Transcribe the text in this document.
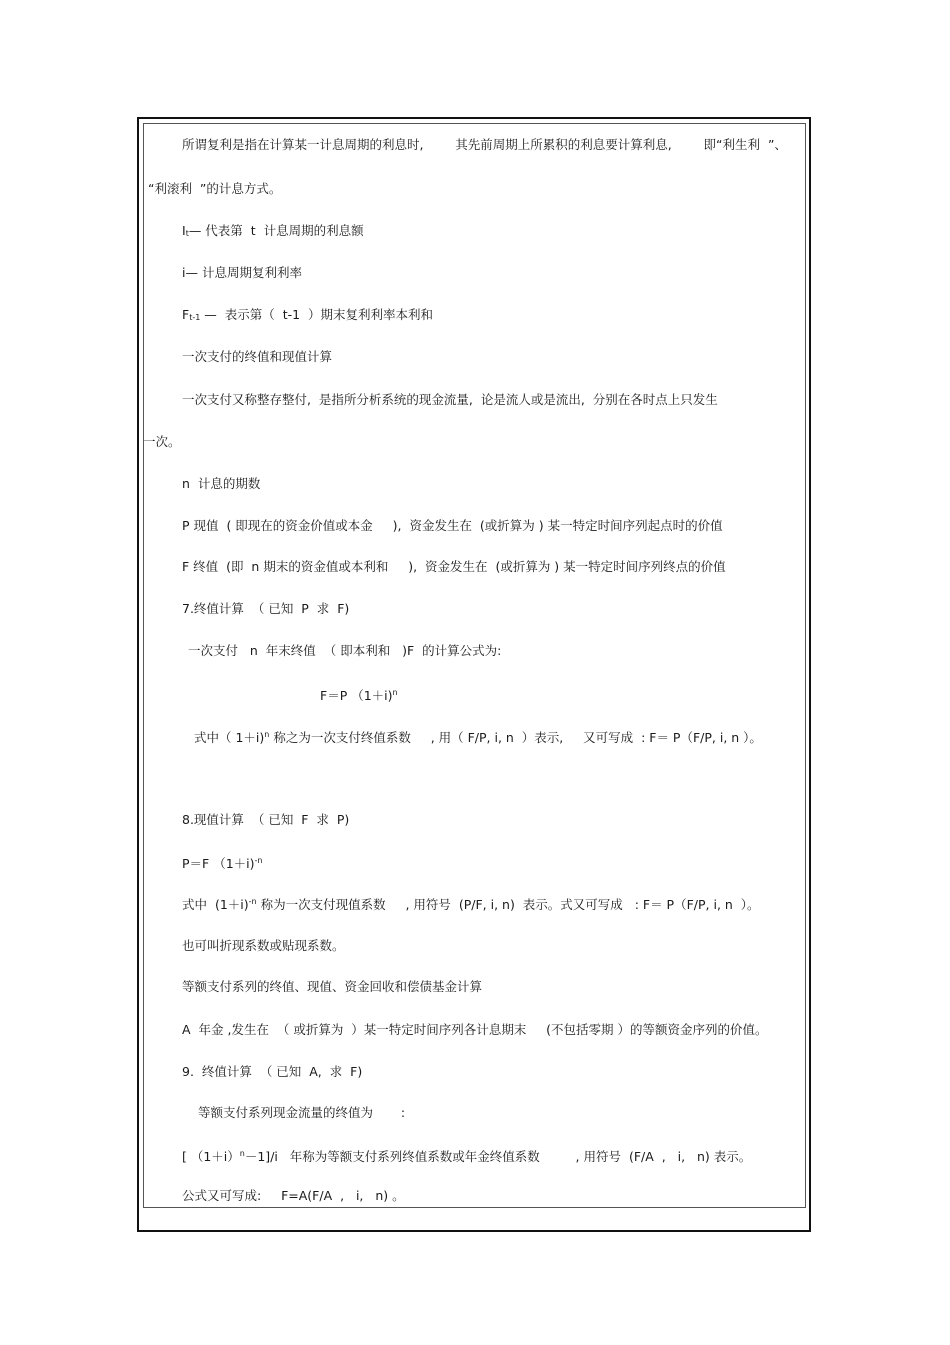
所谓复利是指在计算某一计息周期的利息时,        其先前周期上所累积的利息要计算利息,        即“利生利  ”、
“利滚利  ”的计息方式。
$I_t—$ 代表第  t  计息周期的利息额
i— 计息周期复利利率
$F_{t-1}$ —  表示第（  t-1  ）期末复利利率本利和
一次支付的终值和现值计算
一次支付又称整存整付,  是指所分析系统的现金流量,  论是流人或是流出,  分别在各时点上只发生
一次。
n  计息的期数
P 现值  ( 即现在的资金价值或本金     ),  资金发生在  (或折算为 ) 某一特定时间序列起点时的价值
F 终值  (即  n 期末的资金值或本利和     ),  资金发生在  (或折算为 ) 某一特定时间序列终点的价值
7.终值计算  （ 已知  P  求  F)
一次支付   n  年末终值  （ 即本利和   )F  的计算公式为:
F＝P （1＋i)$^n$
式中（ 1＋i)$^n$ 称之为一次支付终值系数     , 用（ F/P, i, n  ）表示,     又可写成  : F＝ P（F/P, i, n ）。
8.现值计算  （ 已知  F  求  P)
P＝F （1＋i)$^{-n}$
式中  $(1+i)^{-n}$ 称为一次支付现值系数     , 用符号  (P/F, i, n)  表示。式又可写成   : F＝ P（F/P, i, n  ）。
也可叫折现系数或贴现系数。
等额支付系列的终值、现值、资金回收和偿债基金计算
A  年金 ,发生在  （ 或折算为  ）某一特定时间序列各计息期末     (不包括零期 ）的等额资金序列的价值。
9.  终值计算  （ 已知  A,  求  F)
等额支付系列现金流量的终值为       :
[ $(1+i)^n-1]/i$   年称为等额支付系列终值系数或年金终值系数         , 用符号  (F/A  ,   i,   n) 表示。
公式又可写成:     F=A(F/A  ,   i,   n) 。
